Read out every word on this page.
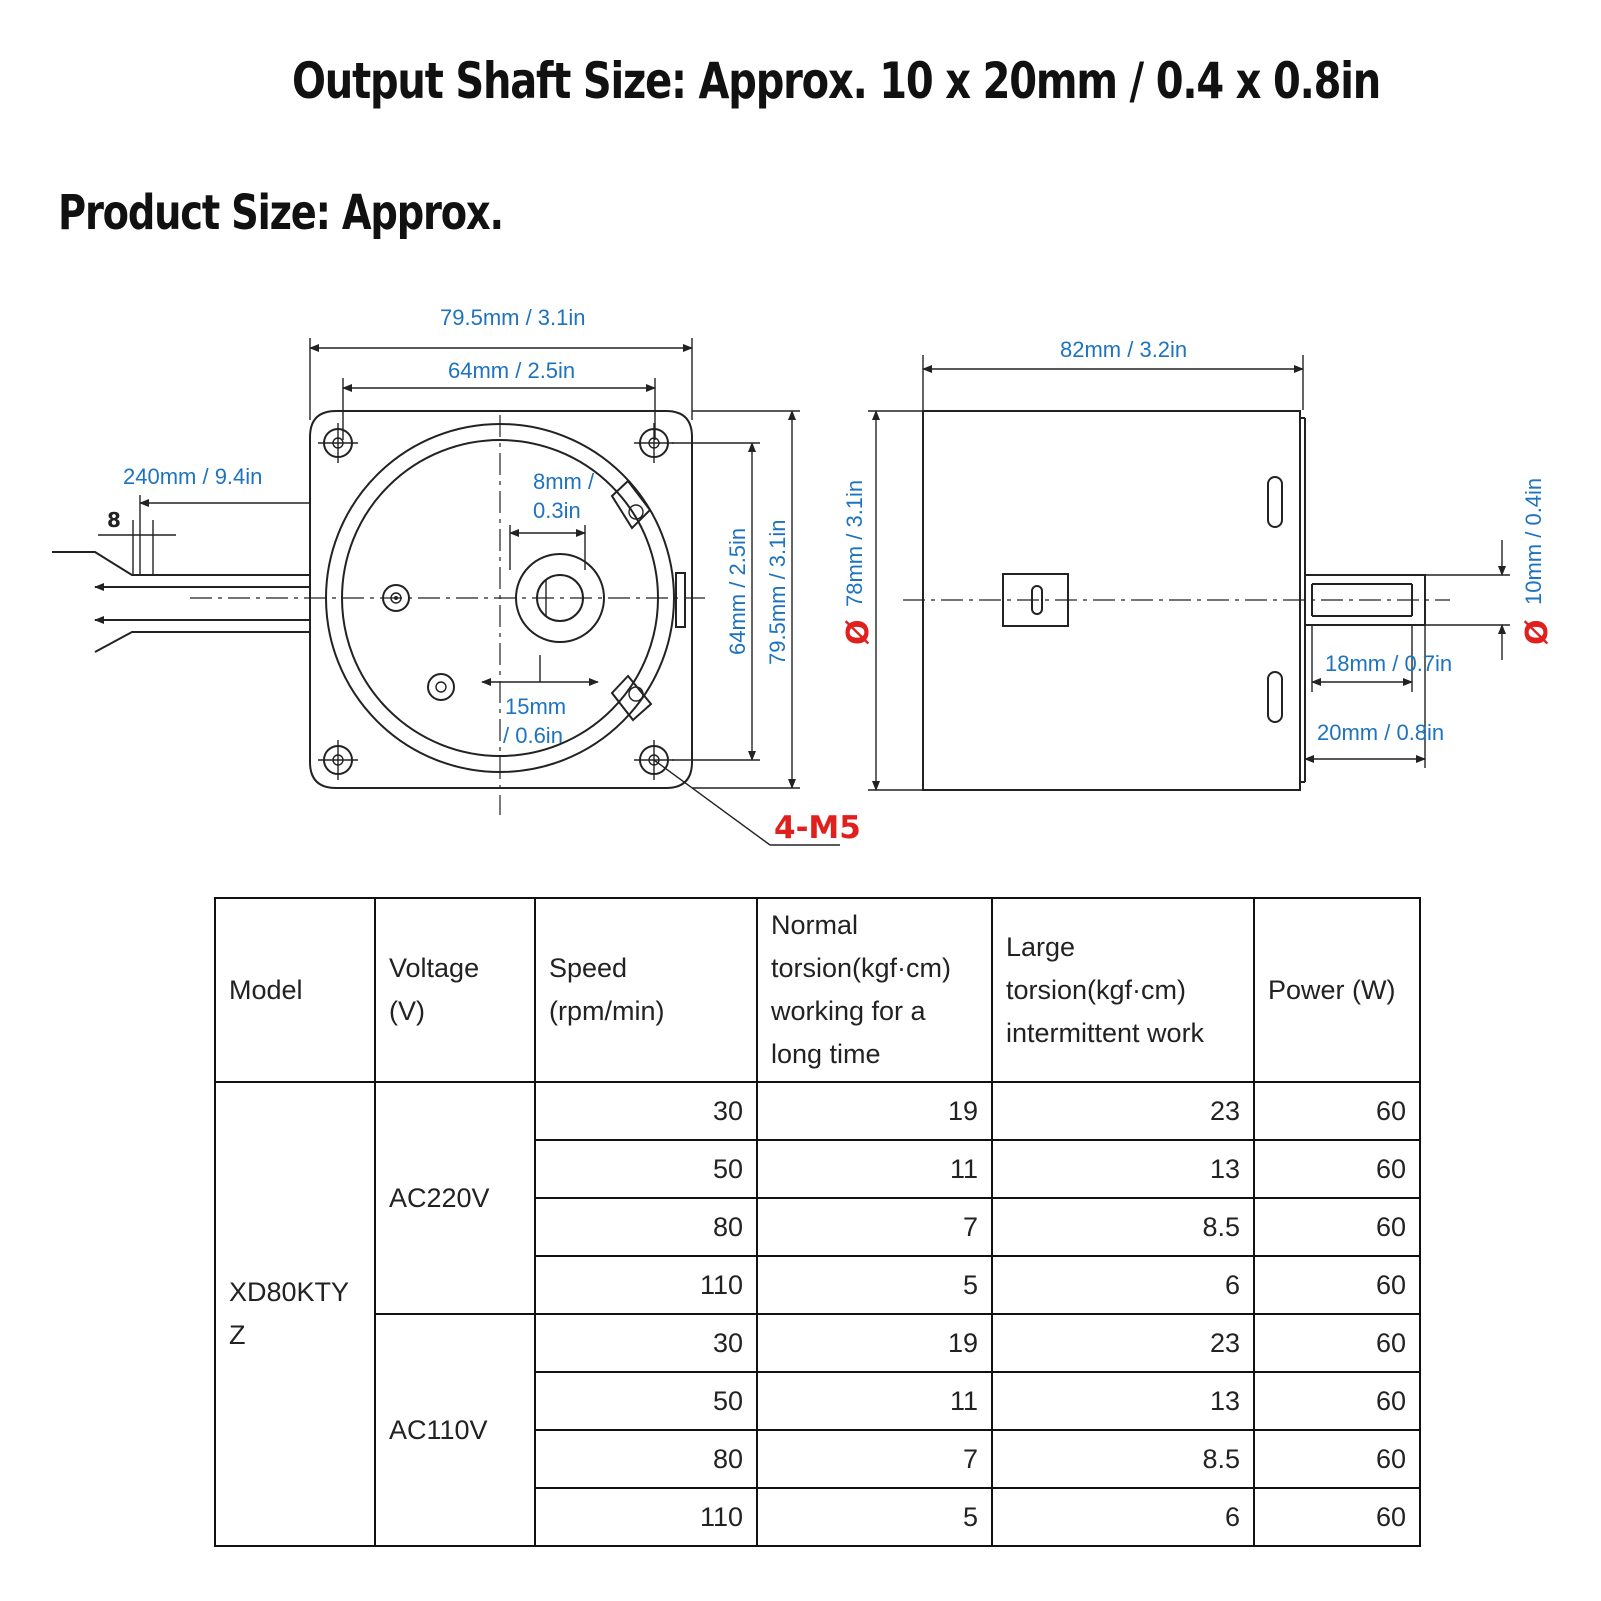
Output Shaft Size: Approx. 10 x 20mm / 0.4 x 0.8in
Product Size: Approx.
79.5mm / 3.1in
64mm / 2.5in
240mm / 9.4in
8
8mm /
0.3in
15mm
/ 0.6in
64mm / 2.5in 79.5mm / 3.1in
4-M5
82mm / 3.2in
Ø
78mm / 3.1in
Ø
10mm / 0.4in
18mm / 0.7in
20mm / 0.8in
Model	Voltage (V)	Speed (rpm/min)	Normal torsion(kgf·cm) working for a long time	Large torsion(kgf·cm) intermittent work	Power (W)
XD80KTYZ	AC220V	30	19	23	60
		50	11	13	60
		80	7	8.5	60
		110	5	6	60
	AC110V	30	19	23	60
		50	11	13	60
		80	7	8.5	60
		110	5	6	60
